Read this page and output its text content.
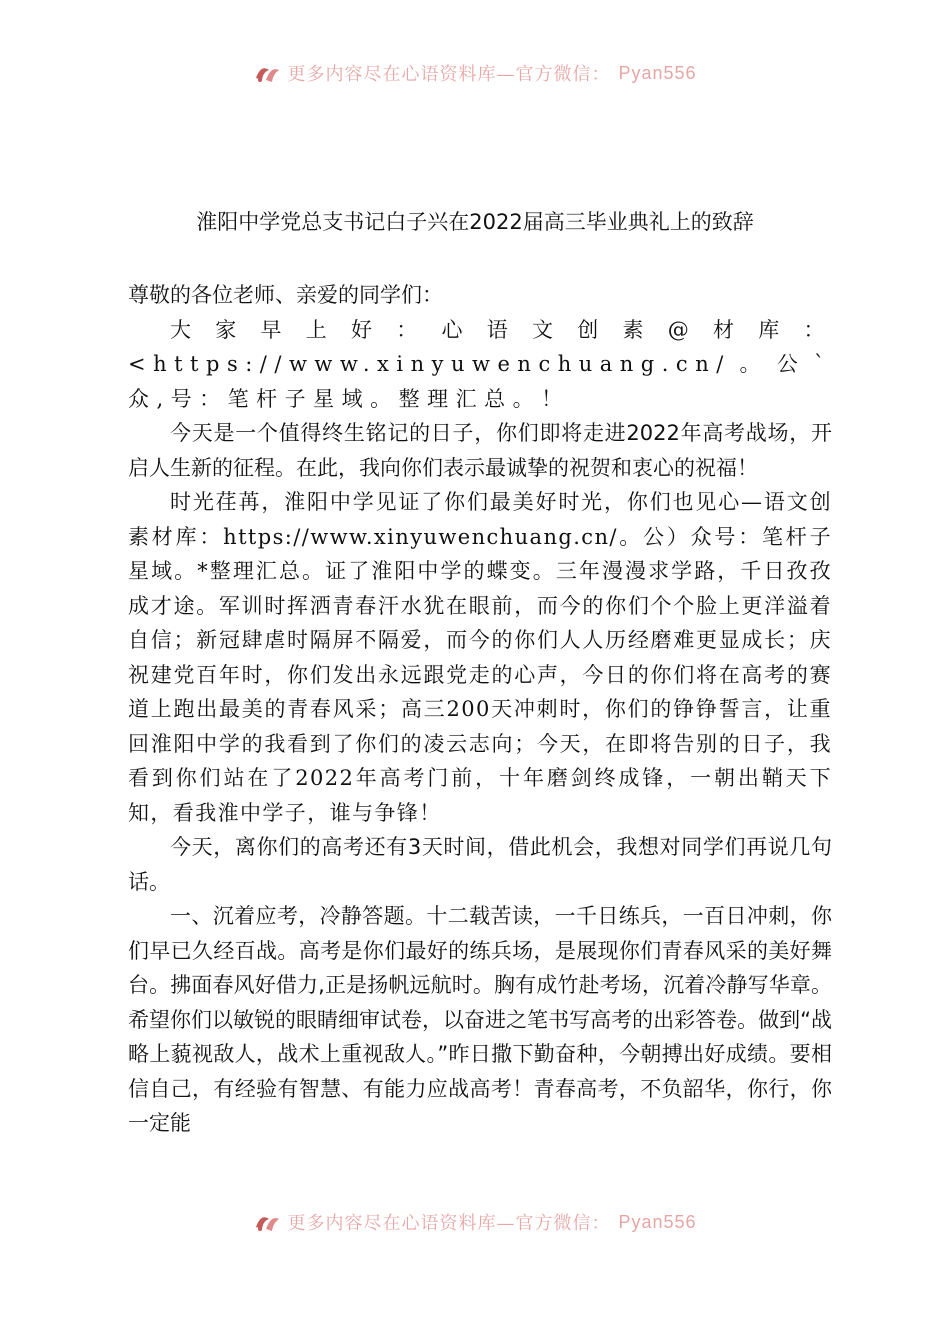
更多内容尽在心语资料库—官方微信： Pyan556
淮阳中学党总支书记白子兴在2022届高三毕业典礼上的致辞

尊敬的各位老师、亲爱的同学们：

大家早上好：心语文创素@材库：<https://www.xinyuwenchuang.cn/。公`众,号：笔杆子星域。整理汇总。！

今天是一个值得终生铭记的日子，你们即将走进2022年高考战场，开启人生新的征程。在此，我向你们表示最诚挚的祝贺和衷心的祝福！

时光荏苒，淮阳中学见证了你们最美好时光，你们也见心—语文创素材库：https://www.xinyuwenchuang.cn/。公）众号：笔杆子星域。*整理汇总。证了淮阳中学的蝶变。三年漫漫求学路，千日孜孜成才途。军训时挥洒青春汗水犹在眼前，而今的你们个个脸上更洋溢着自信；新冠肆虐时隔屏不隔爱，而今的你们人人历经磨难更显成长；庆祝建党百年时，你们发出永远跟党走的心声，今日的你们将在高考的赛道上跑出最美的青春风采；高三200天冲刺时，你们的铮铮誓言，让重回淮阳中学的我看到了你们的凌云志向；今天，在即将告别的日子，我看到你们站在了2022年高考门前，十年磨剑终成锋，一朝出鞘天下知，看我淮中学子，谁与争锋！

今天，离你们的高考还有3天时间，借此机会，我想对同学们再说几句话。

一、沉着应考，冷静答题。十二载苦读，一千日练兵，一百日冲刺，你们早已久经百战。高考是你们最好的练兵场，是展现你们青春风采的美好舞台。拂面春风好借力,正是扬帆远航时。胸有成竹赴考场，沉着冷静写华章。希望你们以敏锐的眼睛细审试卷，以奋进之笔书写高考的出彩答卷。做到“战略上藐视敌人，战术上重视敌人。”昨日撒下勤奋种，今朝搏出好成绩。要相信自己，有经验有智慧、有能力应战高考！青春高考，不负韶华，你行，你一定能

更多内容尽在心语资料库—官方微信： Pyan556
